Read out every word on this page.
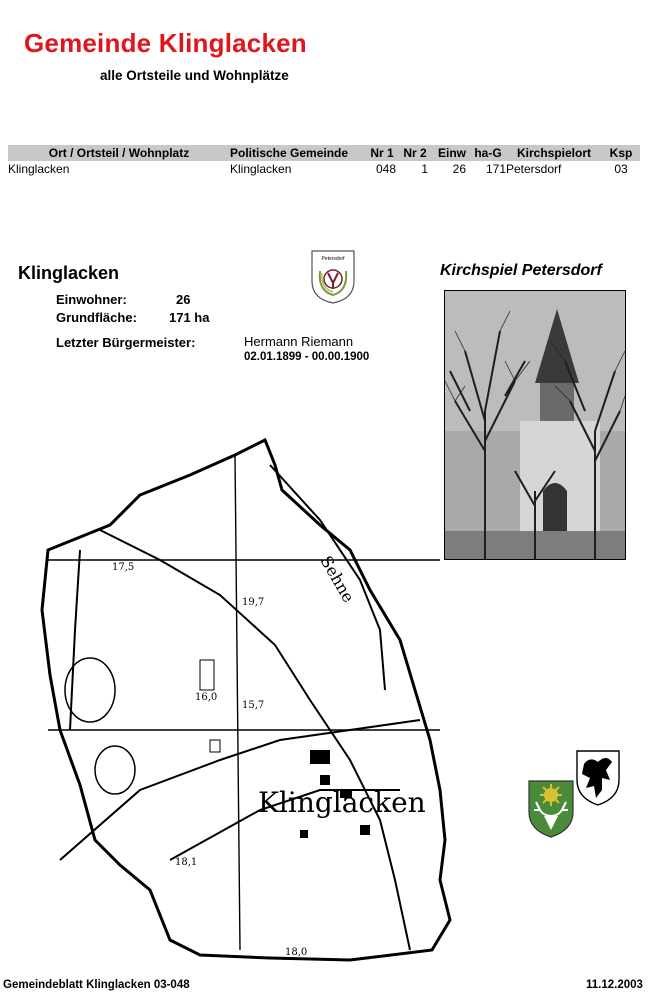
Gemeinde Klinglacken
alle Ortsteile und Wohnplätze
Ort / Ortsteil / Wohnplatz	Politische Gemeinde	Nr 1	Nr 2	Einw	ha-G	Kirchspielort	Ksp
Klinglacken	Klinglacken	048	1	26	171	Petersdorf	03
Klinglacken
Einwohner:	26
Grundfläche: 171 ha
Letzter Bürgermeister:	Hermann Riemann
02.01.1899 - 00.00.1900
Petersdorf
Kirchspiel Petersdorf
Sehne
Klinglacken
17,5
19,7
16,0
15,7
18,1
18,0
Gemeindeblatt Klinglacken 03-048	11.12.2003
